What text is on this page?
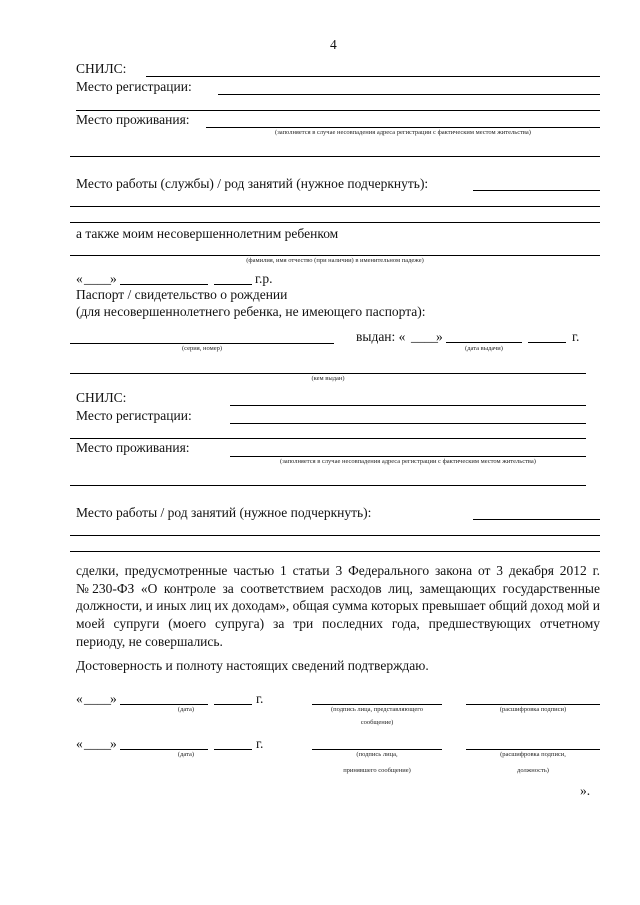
4
СНИЛС:
Место регистрации:
Место проживания:
(заполняется в случае несовпадения адреса регистрации с фактическим местом жительства)
Место работы (службы) / род занятий (нужное подчеркнуть):
а также моим несовершеннолетним ребенком
(фамилия, имя отчество (при наличии) в именительном падеже)
« ____ »	г.р.
Паспорт / свидетельство о рождении
(для несовершеннолетнего ребенка, не имеющего паспорта):
(серия, номер)
выдан: « ____
»
(дата выдачи)
г.
(кем выдан)
СНИЛС:
Место регистрации:
Место проживания:
(заполняется в случае несовпадения адреса регистрации с фактическим местом жительства)
Место работы / род занятий (нужное подчеркнуть):

сделки, предусмотренные частью 1 статьи 3 Федерального закона от 3 декабря 2012 г. №230-ФЗ «О контроле за соответствием расходов лиц, замещающих государственные должности, и иных лиц их доходам», общая сумма которых превышает общий доход мой и моей супруги (моего супруга) за три последних года, предшествующих отчетному периоду, не совершались.

Достоверность и полноту настоящих сведений подтверждаю.
« ____ »
(дата)
г.
(подпись лица, представляющего
сообщение)
(расшифровка подписи)
« ____ »
(дата)
г.
(подпись лица,
принявшего сообщение)
(расшифровка подписи,
должность)
».
